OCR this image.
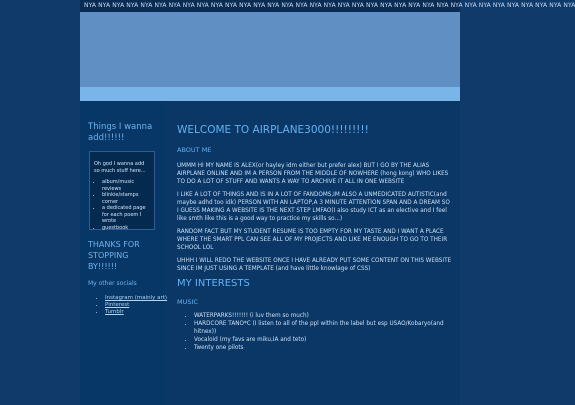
NYA NYA NYA NYA NYA NYA NYA NYA NYA NYA NYA NYA NYA NYA NYA NYA NYA NYA NYA NYA NYA NYA NYA NYA NYA NYA NYA NYA NYA NYA NYA NYA NYA NYA NYA
Things I wanna add!!!!!!

Oh god I wanna add so much stuff here...

• album/music reviews
• blinkie/stamps corner
• a dedicated page for each poem I wrote
• guestbook
THANKS FOR STOPPING BY!!!!!!
My other socials
• Instagram (mainly art)
• Pinterest
• Tumblr

WELCOME TO AIRPLANE3000!!!!!!!!!

ABOUT ME

UMMM HI MY NAME IS ALEX(or hayley idm either but prefer alex) BUT I GO BY THE ALIAS AIRPLANE ONLINE AND IM A PERSON FROM THE MIDDLE OF NOWHERE (hong kong) WHO LIKES TO DO A LOT OF STUFF AND WANTS A WAY TO ARCHIVE IT ALL IN ONE WEBSITE

I LIKE A LOT OF THINGS AND IS IN A LOT OF FANDOMS,IM ALSO A UNMEDICATED AUTISTIC(and maybe adhd too idk) PERSON WITH AN LAPTOP,A 3 MINUTE ATTENTION SPAN AND A DREAM SO I GUESS MAKING A WEBSITE IS THE NEXT STEP LMFAO(I also study ICT as an elective and I feel like smth like this is a good way to practice my skills so...)

RANDOM FACT BUT MY STUDENT RESUME IS TOO EMPTY FOR MY TASTE AND I WANT A PLACE WHERE THE SMART PPL CAN SEE ALL OF MY PROJECTS AND LIKE ME ENOUGH TO GO TO THEIR SCHOOL LOL

UHHH I WILL REDO THE WEBSITE ONCE I HAVE ALREADY PUT SOME CONTENT ON THIS WEBSITE SINCE IM JUST USING A TEMPLATE (and have little knowlage of CSS)

MY INTERESTS

MUSIC

• WATERPARKS!!!!!!! (i luv them so much)
• HARDCORE TANO*C (I listen to all of the ppl within the label but esp USAO/Kobaryo(and hitnex))
• Vocaloid (my favs are miku,IA and teto)
• Twenty one pilots
